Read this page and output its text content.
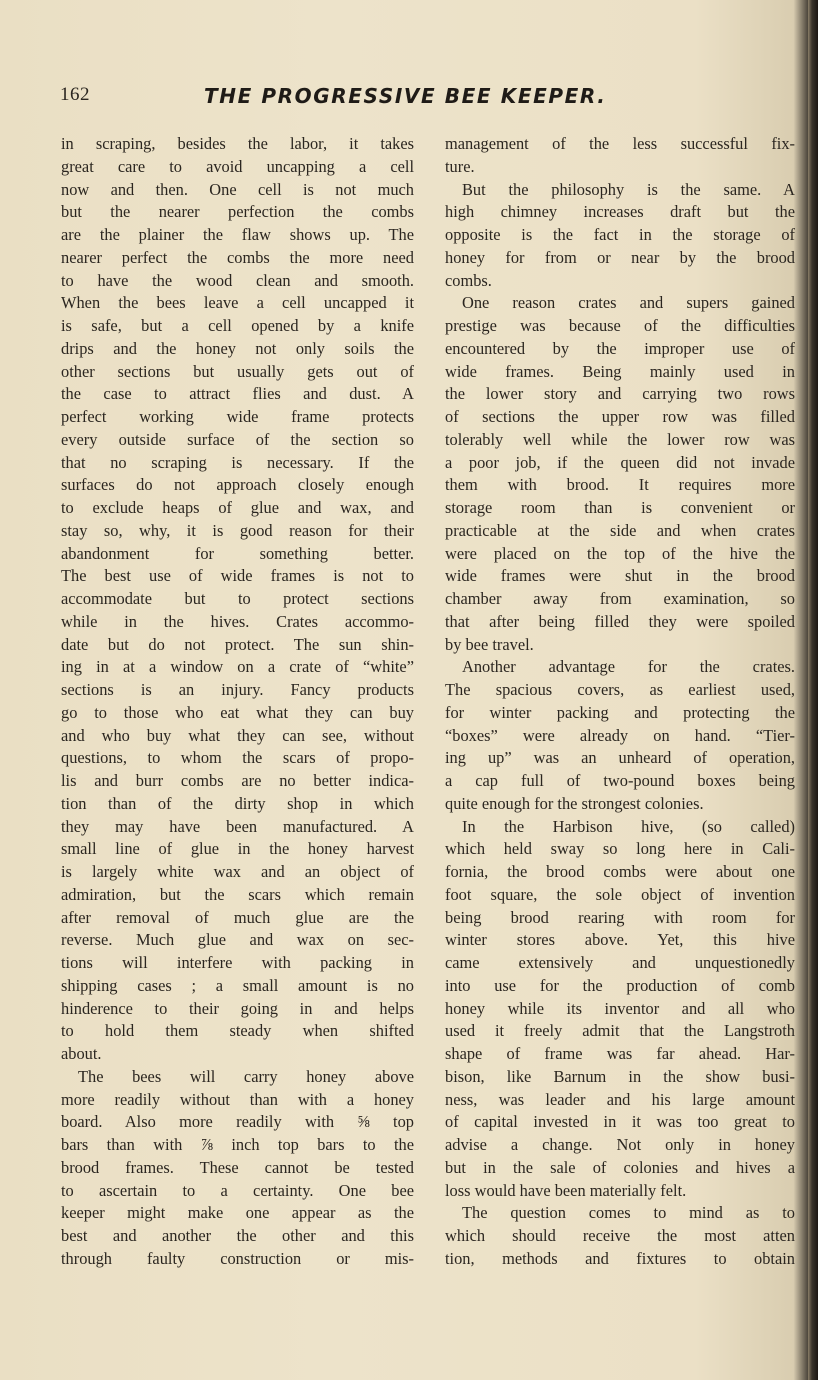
162	THE PROGRESSIVE BEE KEEPER.
in scraping, besides the labor, it takes
great care to avoid uncapping a cell
now and then. One cell is not much
but the nearer perfection the combs
are the plainer the flaw shows up. The
nearer perfect the combs the more need
to have the wood clean and smooth.
When the bees leave a cell uncapped it
is safe, but a cell opened by a knife
drips and the honey not only soils the
other sections but usually gets out of
the case to attract flies and dust. A
perfect working wide frame protects
every outside surface of the section so
that no scraping is necessary. If the
surfaces do not approach closely enough
to exclude heaps of glue and wax, and
stay so, why, it is good reason for their
abandonment for something better.
The best use of wide frames is not to
accommodate but to protect sections
while in the hives. Crates accommo-
date but do not protect. The sun shin-
ing in at a window on a crate of “white”
sections is an injury. Fancy products
go to those who eat what they can buy
and who buy what they can see, without
questions, to whom the scars of propo-
lis and burr combs are no better indica-
tion than of the dirty shop in which
they may have been manufactured. A
small line of glue in the honey harvest
is largely white wax and an object of
admiration, but the scars which remain
after removal of much glue are the
reverse. Much glue and wax on sec-
tions will interfere with packing in
shipping cases ; a small amount is no
hinderence to their going in and helps
to hold them steady when shifted
about.
The bees will carry honey above
more readily without than with a honey
board. Also more readily with ⅝ top
bars than with ⅞ inch top bars to the
brood frames. These cannot be tested
to ascertain to a certainty. One bee
keeper might make one appear as the
best and another the other and this
through faulty construction or mis-
management of the less successful fix-
ture.
But the philosophy is the same. A
high chimney increases draft but the
opposite is the fact in the storage of
honey for from or near by the brood
combs.
One reason crates and supers gained
prestige was because of the difficulties
encountered by the improper use of
wide frames. Being mainly used in
the lower story and carrying two rows
of sections the upper row was filled
tolerably well while the lower row was
a poor job, if the queen did not invade
them with brood. It requires more
storage room than is convenient or
practicable at the side and when crates
were placed on the top of the hive the
wide frames were shut in the brood
chamber away from examination, so
that after being filled they were spoiled
by bee travel.
Another advantage for the crates.
The spacious covers, as earliest used,
for winter packing and protecting the
“boxes” were already on hand. “Tier-
ing up” was an unheard of operation,
a cap full of two-pound boxes being
quite enough for the strongest colonies.
In the Harbison hive, (so called)
which held sway so long here in Cali-
fornia, the brood combs were about one
foot square, the sole object of invention
being brood rearing with room for
winter stores above. Yet, this hive
came extensively and unquestionedly
into use for the production of comb
honey while its inventor and all who
used it freely admit that the Langstroth
shape of frame was far ahead. Har-
bison, like Barnum in the show busi-
ness, was leader and his large amount
of capital invested in it was too great to
advise a change. Not only in honey
but in the sale of colonies and hives a
loss would have been materially felt.
The question comes to mind as to
which should receive the most atten
tion, methods and fixtures to obtain
